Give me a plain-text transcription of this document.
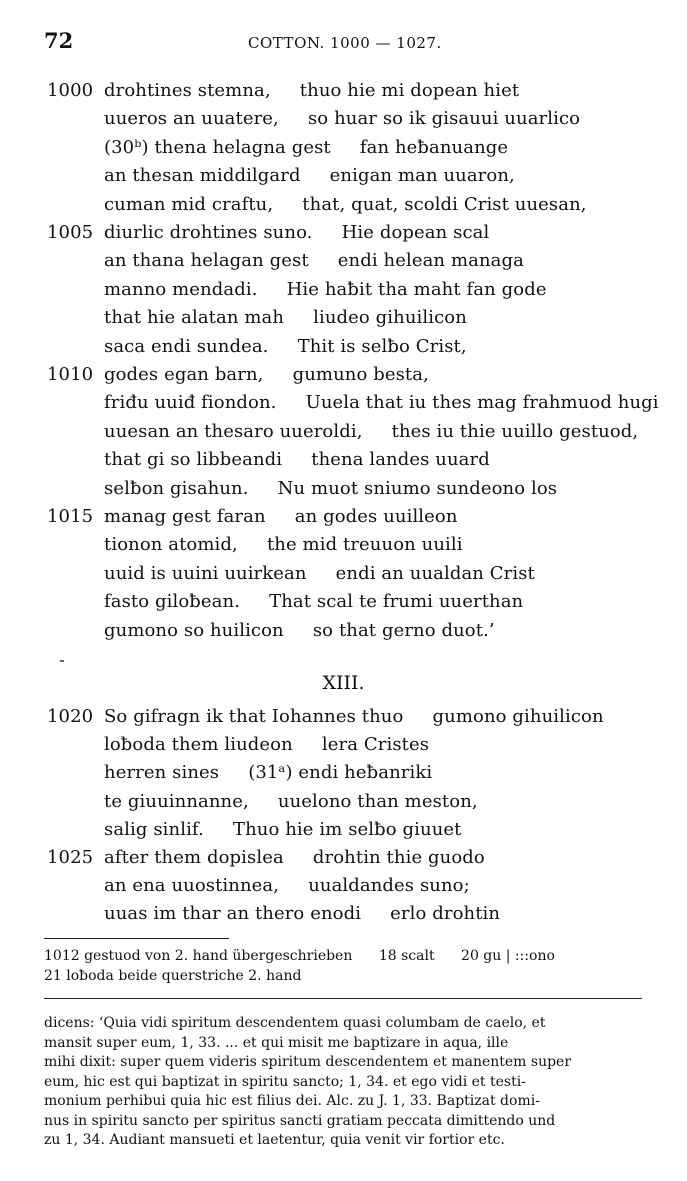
72	COTTON. 1000 — 1027.
1000 drohtines stemna,     thuo hie mi dopean hiet
uueros an uuatere,     so huar so ik gisauui uuarlico
(30ᵇ) thena helagna gest     fan heƀanuange
an thesan middilgard     enigan man uuaron,
cuman mid craftu,     that, quat, scoldi Crist uuesan,
1005 diurlic drohtines suno.     Hie dopean scal
an thana helagan gest     endi helean managa
manno mendadi.     Hie haƀit tha maht fan gode
that hie alatan mah     liudeo gihuilicon
saca endi sundea.     Thit is selƀo Crist,
1010 godes egan barn,     gumuno besta,
friđu uuiđ fiondon.     Uuela that iu thes mag frahmuod hugi
uuesan an thesaro uueroldi,     thes iu thie uuillo gestuod,
that gi so libbeandi     thena landes uuard
selƀon gisahun.     Nu muot sniumo sundeono los
1015 manag gest faran     an godes uuilleon
tionon atomid,     the mid treuuon uuili
uuid is uuini uuirkean     endi an uualdan Crist
fasto giloƀean.     That scal te frumi uuerthan
gumono so huilicon     so that gerno duot.’
XIII.
1020 So gifragn ik that Iohannes thuo     gumono gihuilicon
loƀoda them liudeon     lera Cristes
herren sines     (31ᵃ) endi heƀanriki
te giuuinnanne,     uuelono than meston,
salig sinlif.     Thuo hie im selƀo giuuet
1025 after them dopislea     drohtin thie guodo
an ena uuostinnea,     uualdandes suno;
uuas im thar an thero enodi     erlo drohtin
1012 gestuod von 2. hand übergeschrieben 18 scalt 20 gu | :::ono
21 loƀoda beide querstriche 2. hand
dicens: ‘Quia vidi spiritum descendentem quasi columbam de caelo, et
mansit super eum, 1, 33. ... et qui misit me baptizare in aqua, ille
mihi dixit: super quem videris spiritum descendentem et manentem super
eum, hic est qui baptizat in spiritu sancto; 1, 34. et ego vidi et testi-
monium perhibui quia hic est filius dei. Alc. zu J. 1, 33. Baptizat domi-
nus in spiritu sancto per spiritus sancti gratiam peccata dimittendo und
zu 1, 34. Audiant mansueti et laetentur, quia venit vir fortior etc.
